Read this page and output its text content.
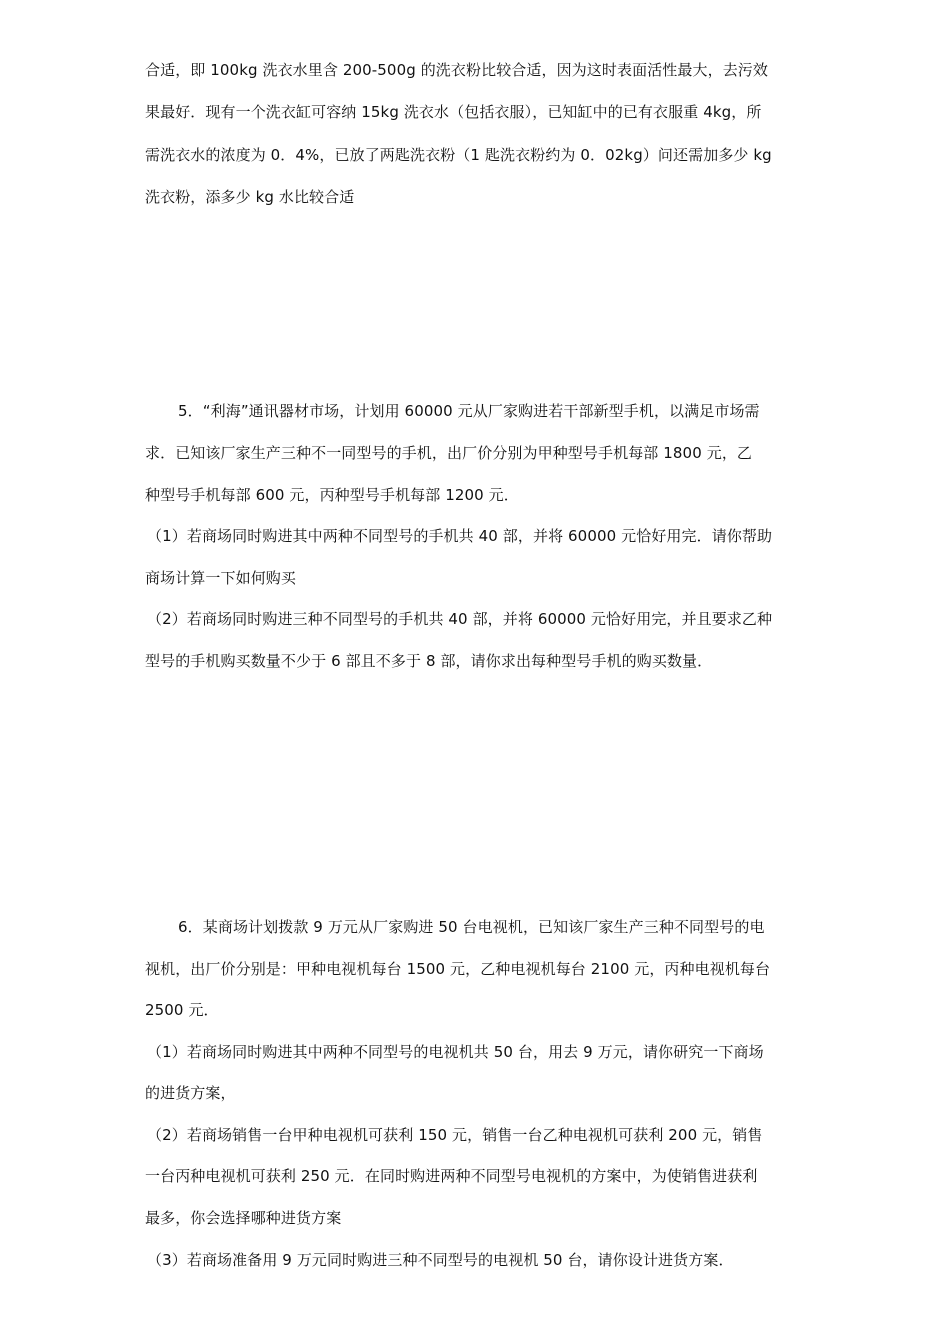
合适，即 100kg 洗衣水里含 200-500g 的洗衣粉比较合适，因为这时表面活性最大，去污效
果最好．现有一个洗衣缸可容纳 15kg 洗衣水（包括衣服），已知缸中的已有衣服重 4kg，所
需洗衣水的浓度为 0．4%，已放了两匙洗衣粉（1 匙洗衣粉约为 0．02kg）问还需加多少 kg
洗衣粉，添多少 kg 水比较合适
5．“利海”通讯器材市场，计划用 60000 元从厂家购进若干部新型手机，以满足市场需
求．已知该厂家生产三种不一同型号的手机，出厂价分别为甲种型号手机每部 1800 元，乙
种型号手机每部 600 元，丙种型号手机每部 1200 元．
（1）若商场同时购进其中两种不同型号的手机共 40 部，并将 60000 元恰好用完．请你帮助
商场计算一下如何购买
（2）若商场同时购进三种不同型号的手机共 40 部，并将 60000 元恰好用完，并且要求乙种
型号的手机购买数量不少于 6 部且不多于 8 部，请你求出每种型号手机的购买数量．
6．某商场计划拨款 9 万元从厂家购进 50 台电视机，已知该厂家生产三种不同型号的电
视机，出厂价分别是：甲种电视机每台 1500 元，乙种电视机每台 2100 元，丙种电视机每台
2500 元．
（1）若商场同时购进其中两种不同型号的电视机共 50 台，用去 9 万元，请你研究一下商场
的进货方案，
（2）若商场销售一台甲种电视机可获利 150 元，销售一台乙种电视机可获利 200 元，销售
一台丙种电视机可获利 250 元．在同时购进两种不同型号电视机的方案中，为使销售进获利
最多，你会选择哪种进货方案
（3）若商场准备用 9 万元同时购进三种不同型号的电视机 50 台，请你设计进货方案．
